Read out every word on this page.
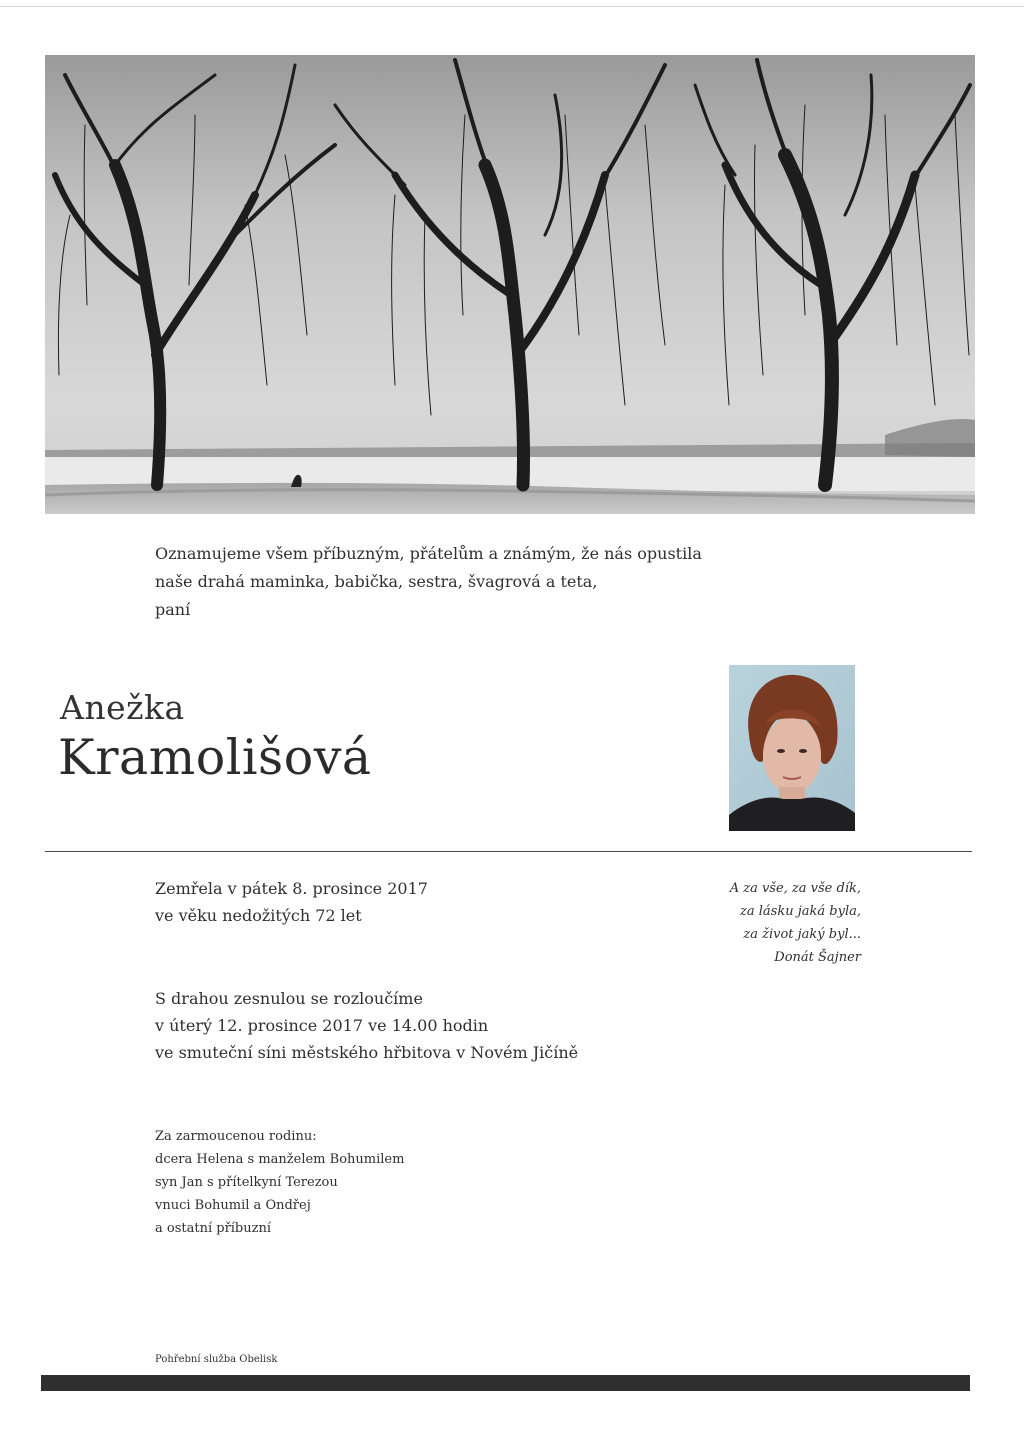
Oznamujeme všem příbuzným, přátelům a známým, že nás opustila
naše drahá maminka, babička, sestra, švagrová a teta,
paní
Anežka
Kramolišová
Zemřela v pátek 8. prosince 2017
ve věku nedožitých 72 let
S drahou zesnulou se rozloučíme
v úterý 12. prosince 2017 ve 14.00 hodin
ve smuteční síni městského hřbitova v Novém Jičíně
A za vše, za vše dík,
za lásku jaká byla,
za život jaký byl...
Donát Šajner
Za zarmoucenou rodinu:
dcera Helena s manželem Bohumilem
syn Jan s přítelkyní Terezou
vnuci Bohumil a Ondřej
a ostatní příbuzní
Pohřební služba Obelisk
